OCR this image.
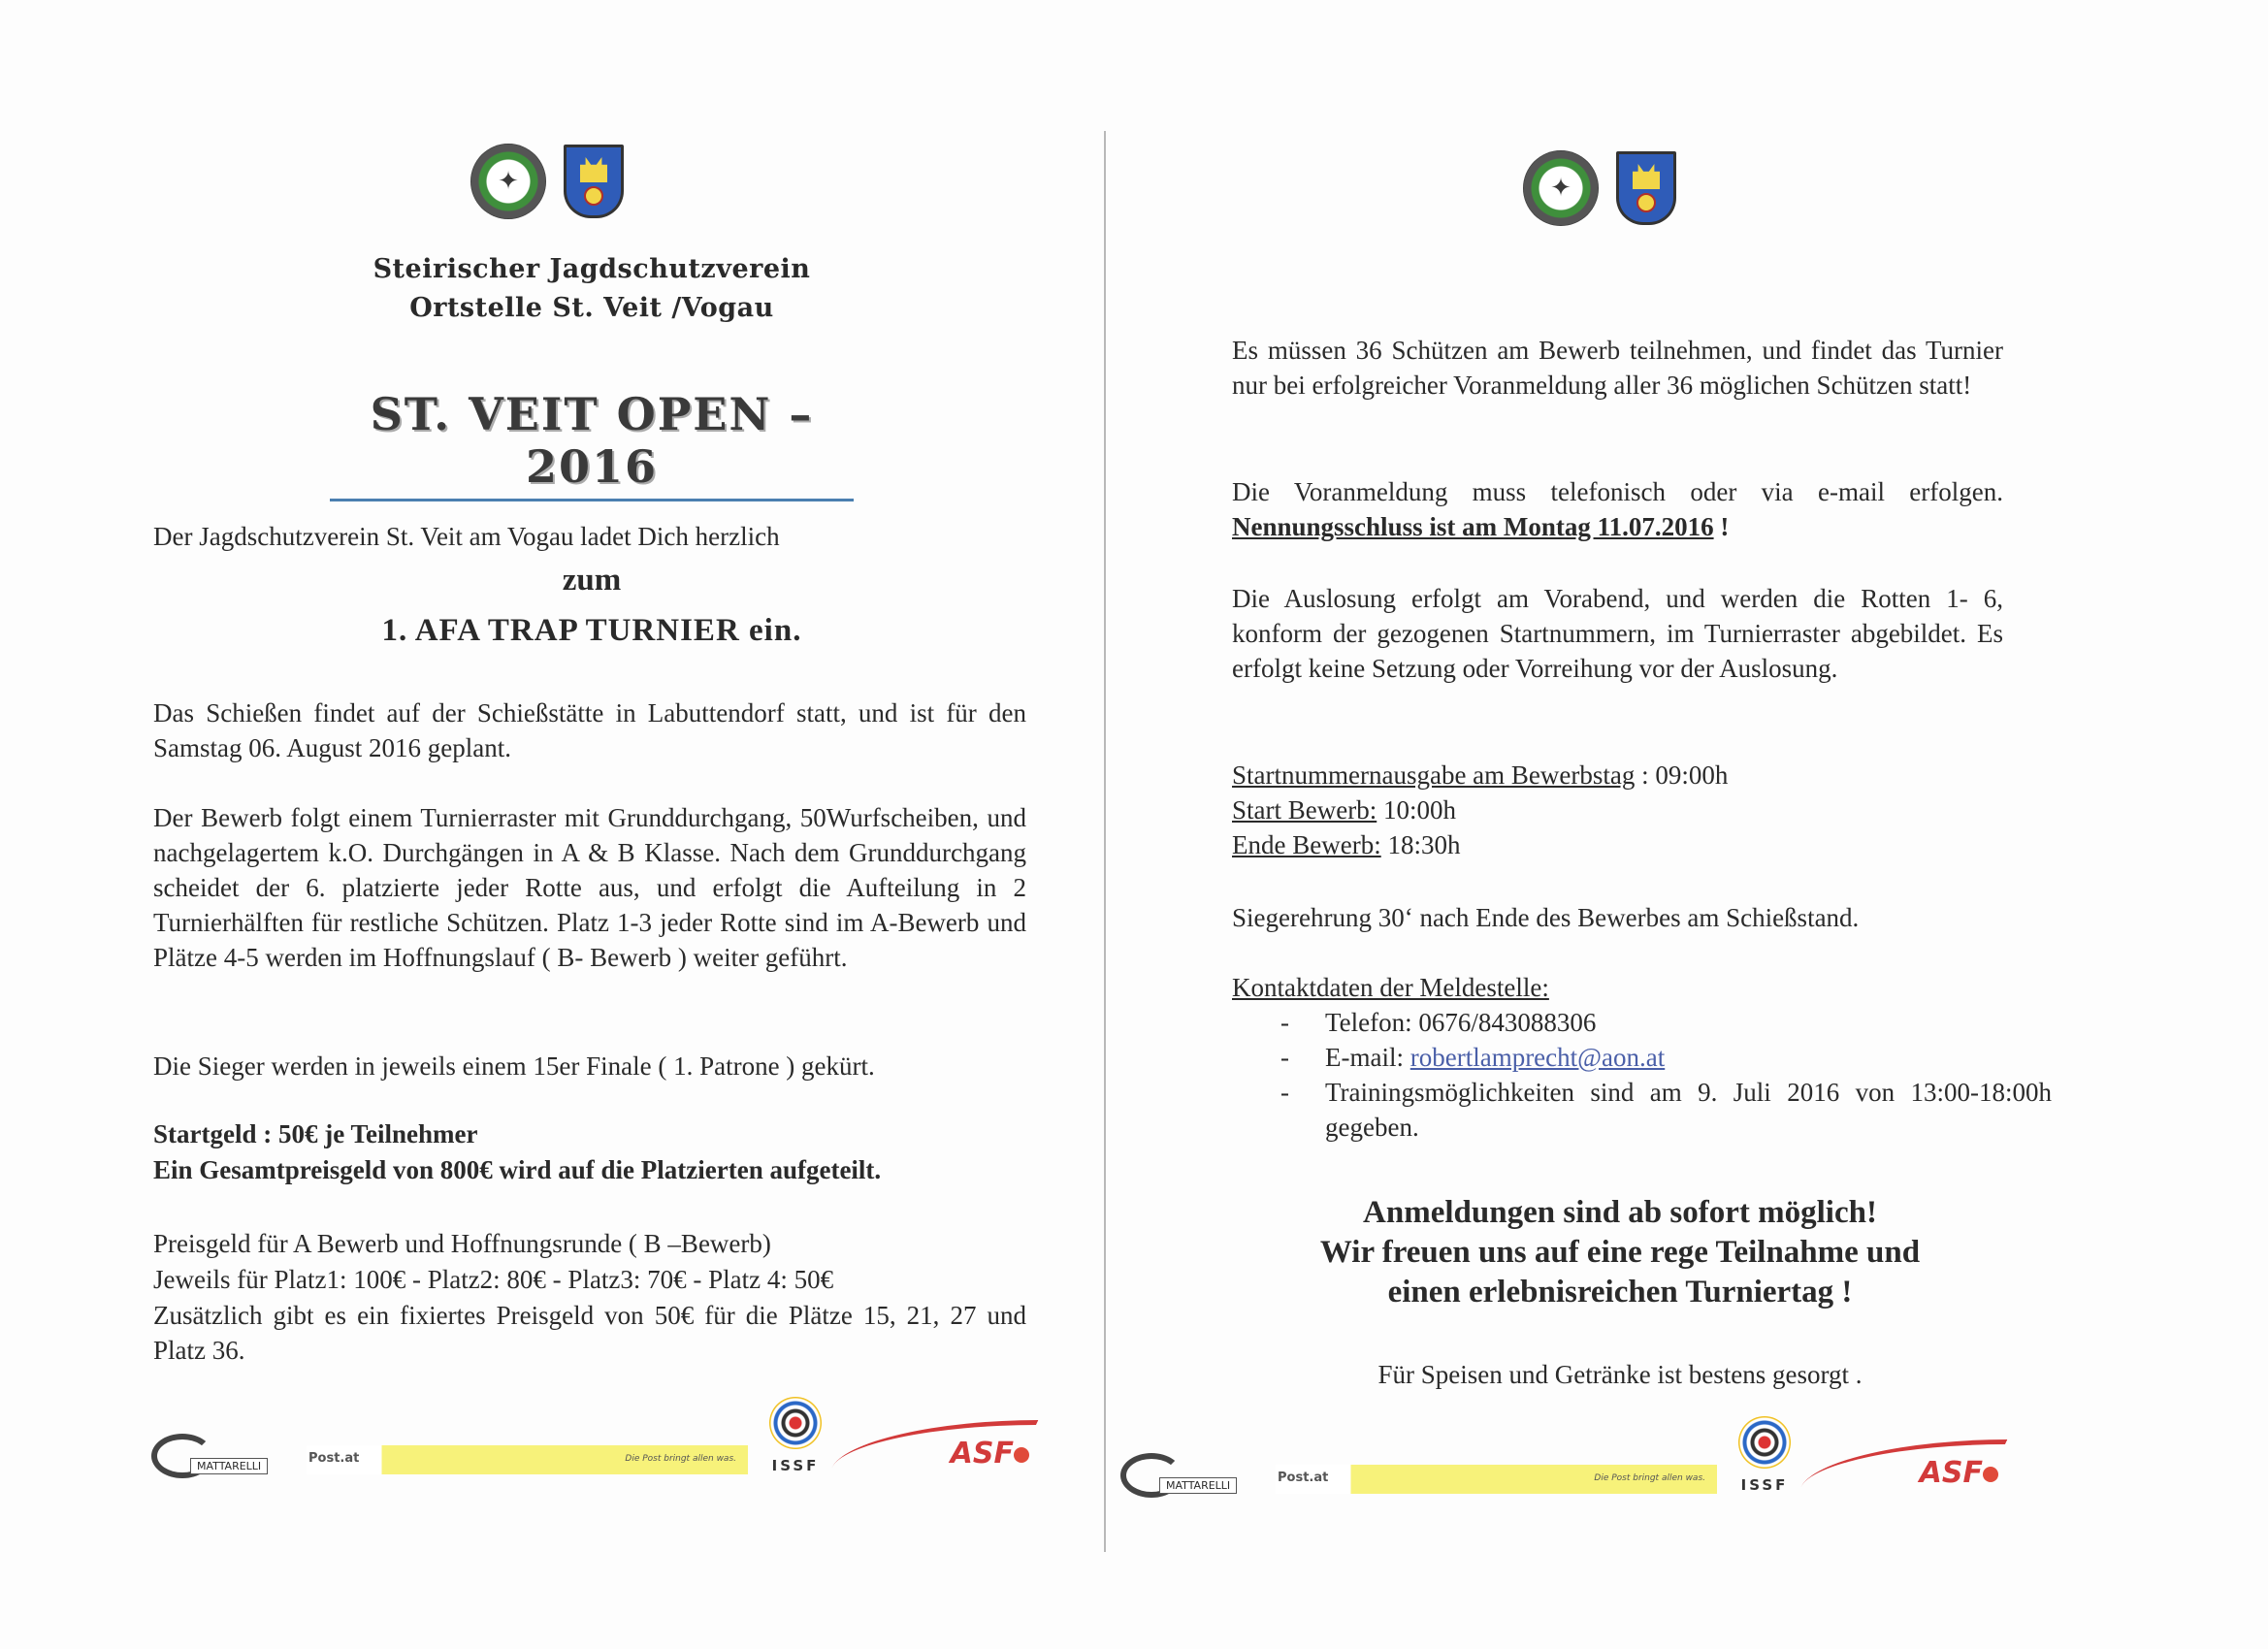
✦
Steirischer Jagdschutzverein
Ortstelle St. Veit /Vogau
ST. VEIT OPEN – 2016

Der Jagdschutzverein St. Veit am Vogau ladet Dich herzlich

zum

1. AFA TRAP TURNIER ein.

Das Schießen findet auf der Schießstätte in Labuttendorf statt, und ist für den Samstag 06. August 2016 geplant.

Der Bewerb folgt einem Turnierraster mit Grunddurchgang, 50Wurfscheiben, und nachgelagertem k.O. Durchgängen in A & B Klasse. Nach dem Grunddurchgang scheidet der 6. platzierte jeder Rotte aus, und erfolgt die Aufteilung in 2 Turnierhälften für restliche Schützen. Platz 1-3 jeder Rotte sind im A-Bewerb und Plätze 4-5 werden im Hoffnungslauf ( B- Bewerb ) weiter geführt.

Die Sieger werden in jeweils einem 15er Finale ( 1. Patrone ) gekürt.

Startgeld : 50€ je Teilnehmer

Ein Gesamtpreisgeld von 800€ wird auf die Platzierten aufgeteilt.

Preisgeld für A Bewerb und Hoffnungsrunde ( B –Bewerb)

Jeweils für Platz1: 100€ - Platz2: 80€ - Platz3: 70€ - Platz 4: 50€

Zusätzlich gibt es ein fixiertes Preisgeld von 50€ für die Plätze 15, 21, 27 und Platz 36.

MATTARELLI
Post.at	Die Post bringt allen was.	ISSF	ASF
✦

Es müssen 36 Schützen am Bewerb teilnehmen, und findet das Turnier nur bei erfolgreicher Voranmeldung aller 36 möglichen Schützen statt!

Die Voranmeldung muss telefonisch oder via e-mail erfolgen. Nennungsschluss ist am Montag 11.07.2016 !

Die Auslosung erfolgt am Vorabend, und werden die Rotten 1- 6, konform der gezogenen Startnummern, im Turnierraster abgebildet. Es erfolgt keine Setzung oder Vorreihung vor der Auslosung.

Startnummernausgabe am Bewerbstag : 09:00h

Start Bewerb: 10:00h

Ende Bewerb: 18:30h

Siegerehrung 30‘ nach Ende des Bewerbes am Schießstand.

Kontaktdaten der Meldestelle:

- Telefon: 0676/843088306
- E-mail: robertlamprecht@aon.at
- Trainingsmöglichkeiten sind am 9. Juli 2016 von 13:00-18:00h gegeben.

Anmeldungen sind ab sofort möglich!

Wir freuen uns auf eine rege Teilnahme und

einen erlebnisreichen Turniertag !

Für Speisen und Getränke ist bestens gesorgt .

MATTARELLI
Post.at	Die Post bringt allen was.	ISSF	ASF
